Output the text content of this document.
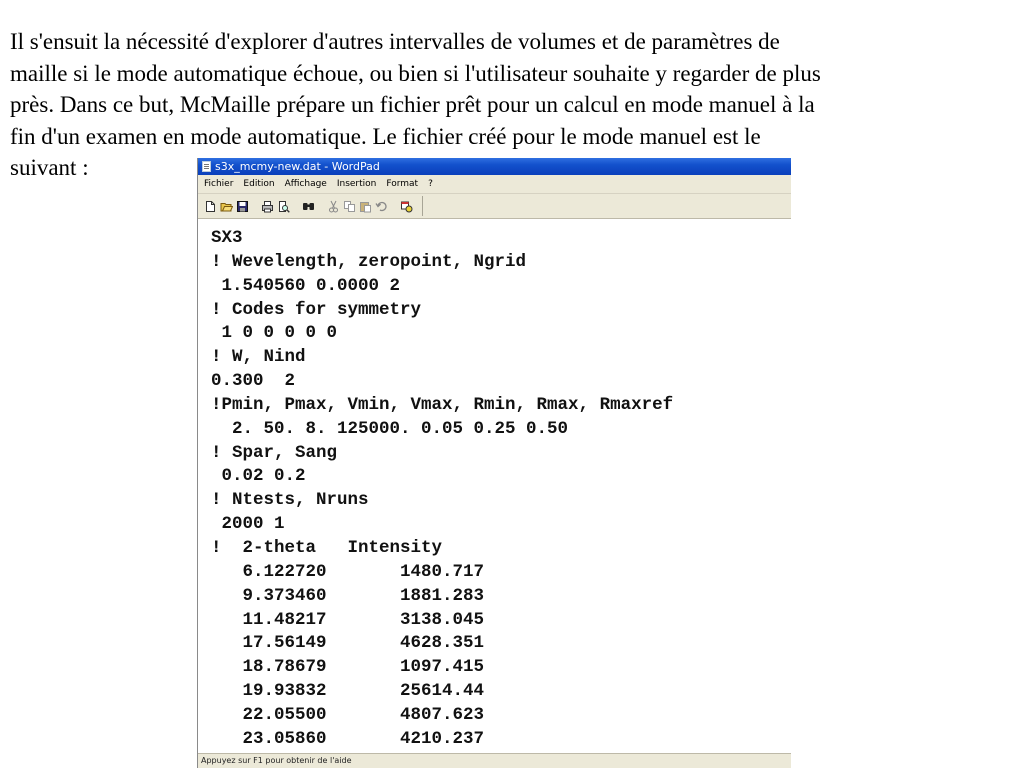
Il s'ensuit la nécessité d'explorer d'autres intervalles de volumes et de paramètres de
maille si le mode automatique échoue, ou bien si l'utilisateur souhaite y regarder de plus
près. Dans ce but, McMaille prépare un fichier prêt pour un calcul en mode manuel à la
fin d'un examen en mode automatique. Le fichier créé pour le mode manuel est le
suivant :	s3x_mcmy-new.dat - WordPad
Fichier Edition Affichage Insertion Format ?
SX3
! Wevelength, zeropoint, Ngrid
1.540560 0.0000 2
! Codes for symmetry
1 0 0 0 0 0
! W, Nind
0.300  2
!Pmin, Pmax, Vmin, Vmax, Rmin, Rmax, Rmaxref
2. 50. 8. 125000. 0.05 0.25 0.50
! Spar, Sang
0.02 0.2
! Ntests, Nruns
2000 1
!  2-theta   Intensity
6.122720       1480.717
9.373460       1881.283
11.48217       3138.045
17.56149       4628.351
18.78679       1097.415
19.93832       25614.44
22.05500       4807.623
23.05860       4210.237
Appuyez sur F1 pour obtenir de l'aide
